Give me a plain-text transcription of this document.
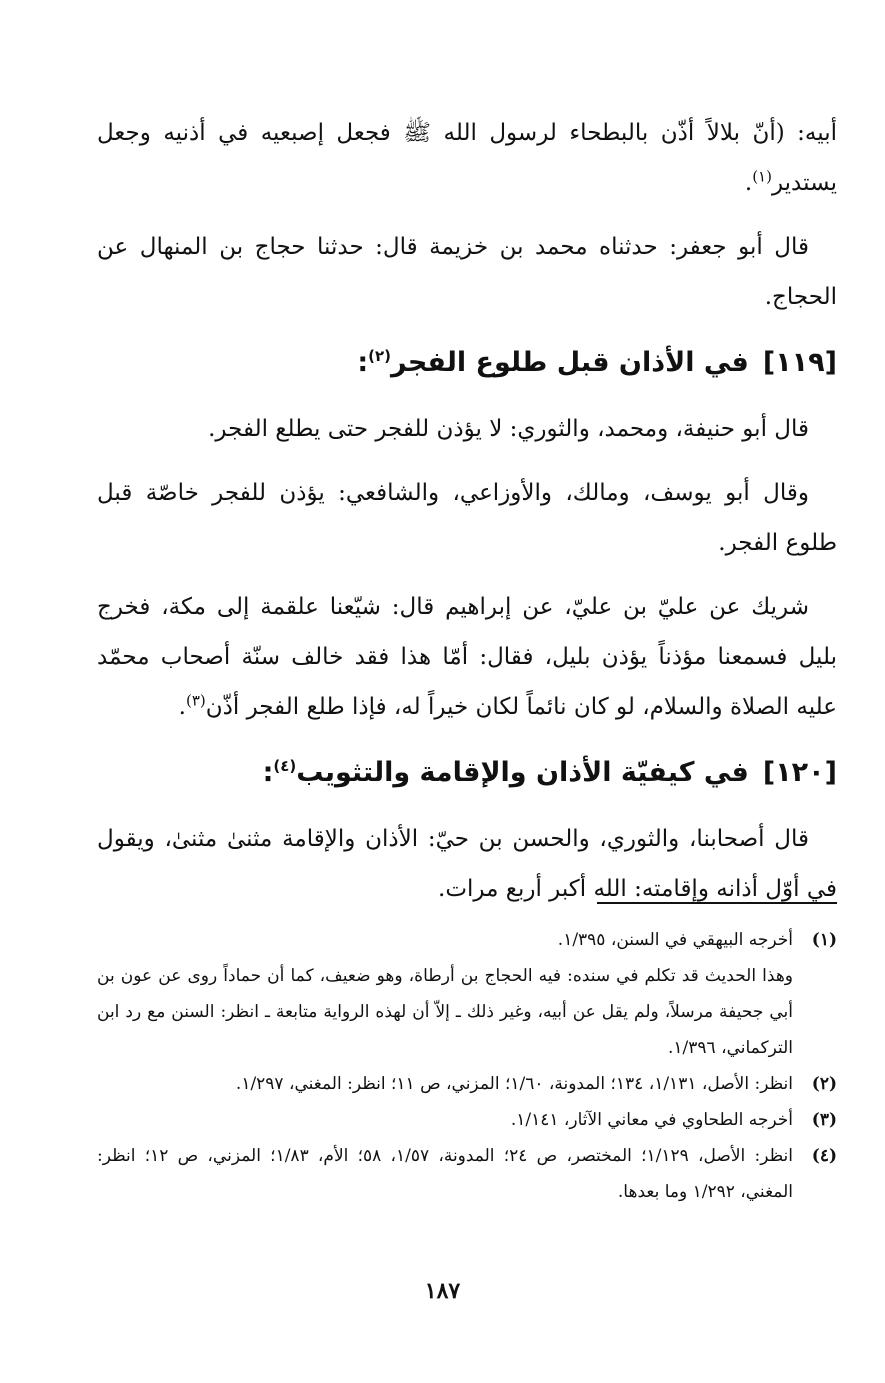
أبيه: (أنّ بلالاً أذّن بالبطحاء لرسول الله ﷺ فجعل إصبعيه في أذنيه وجعل يستدير$^{(١)}$.

قال أبو جعفر: حدثناه محمد بن خزيمة قال: حدثنا حجاج بن المنهال عن الحجاج.

[١١٩]في الأذان قبل طلوع الفجر$^{(٢)}$:

قال أبو حنيفة، ومحمد، والثوري: لا يؤذن للفجر حتى يطلع الفجر.

وقال أبو يوسف، ومالك، والأوزاعي، والشافعي: يؤذن للفجر خاصّة قبل طلوع الفجر.

شريك عن عليّ بن عليّ، عن إبراهيم قال: شيّعنا علقمة إلى مكة، فخرج بليل فسمعنا مؤذناً يؤذن بليل، فقال: أمّا هذا فقد خالف سنّة أصحاب محمّد عليه الصلاة والسلام، لو كان نائماً لكان خيراً له، فإذا طلع الفجر أذّن$^{(٣)}$.

[١٢٠]في كيفيّة الأذان والإقامة والتثويب$^{(٤)}$:

قال أصحابنا، والثوري، والحسن بن حيّ: الأذان والإقامة مثنىٰ مثنىٰ، ويقول في أوّل أذانه وإقامته: الله أكبر أربع مرات.

(١)

أخرجه البيهقي في السنن، ١/٣٩٥.

وهذا الحديث قد تكلم في سنده: فيه الحجاج بن أرطاة، وهو ضعيف، كما أن حماداً روى عن عون بن أبي جحيفة مرسلاً، ولم يقل عن أبيه، وغير ذلك ـ إلاّ أن لهذه الرواية متابعة ـ انظر: السنن مع رد ابن التركماني، ١/٣٩٦.

(٢)

انظر: الأصل، ١/١٣١، ١٣٤؛ المدونة، ١/٦٠؛ المزني، ص ١١؛ انظر: المغني، ١/٢٩٧.

(٣)

أخرجه الطحاوي في معاني الآثار، ١/١٤١.

(٤)

انظر: الأصل، ١/١٢٩؛ المختصر، ص ٢٤؛ المدونة، ١/٥٧، ٥٨؛ الأم، ١/٨٣؛ المزني، ص ١٢؛ انظر: المغني، ١/٢٩٢ وما بعدها.

١٨٧
